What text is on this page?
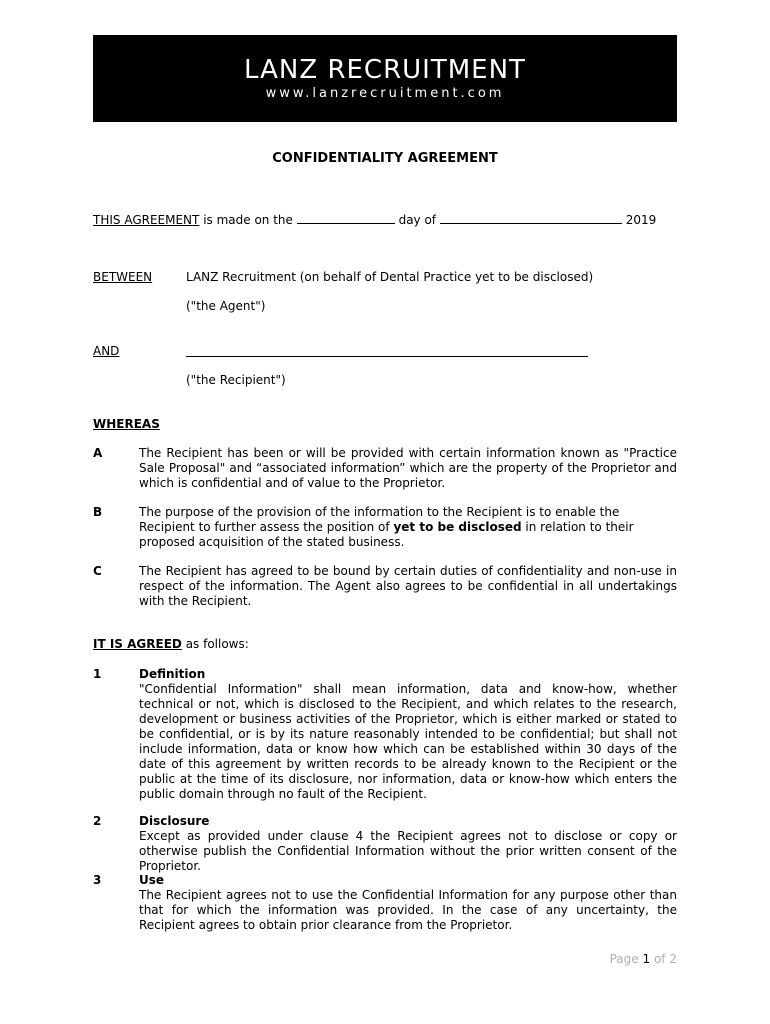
LANZ RECRUITMENT
www.lanzrecruitment.com
CONFIDENTIALITY AGREEMENT
THIS AGREEMENT is made on the	day of	2019
BETWEEN	LANZ Recruitment (on behalf of Dental Practice yet to be disclosed)
("the Agent")
AND
("the Recipient")
WHEREAS
A	The Recipient has been or will be provided with certain information known as "Practice Sale Proposal" and “associated information” which are the property of the Proprietor and which is confidential and of value to the Proprietor.
B	The purpose of the provision of the information to the Recipient is to enable the Recipient to further assess the position of yet to be disclosed in relation to their proposed acquisition of the stated business.
C	The Recipient has agreed to be bound by certain duties of confidentiality and non-use in respect of the information. The Agent also agrees to be confidential in all undertakings with the Recipient.
IT IS AGREED as follows:
1	Definition
"Confidential Information" shall mean information, data and know-how, whether technical or not, which is disclosed to the Recipient, and which relates to the research, development or business activities of the Proprietor, which is either marked or stated to be confidential, or is by its nature reasonably intended to be confidential; but shall not include information, data or know how which can be established within 30 days of the date of this agreement by written records to be already known to the Recipient or the public at the time of its disclosure, nor information, data or know-how which enters the public domain through no fault of the Recipient.
2	Disclosure
Except as provided under clause 4 the Recipient agrees not to disclose or copy or otherwise publish the Confidential Information without the prior written consent of the Proprietor.
3	Use
The Recipient agrees not to use the Confidential Information for any purpose other than that for which the information was provided. In the case of any uncertainty, the Recipient agrees to obtain prior clearance from the Proprietor.
Page 1 of 2
